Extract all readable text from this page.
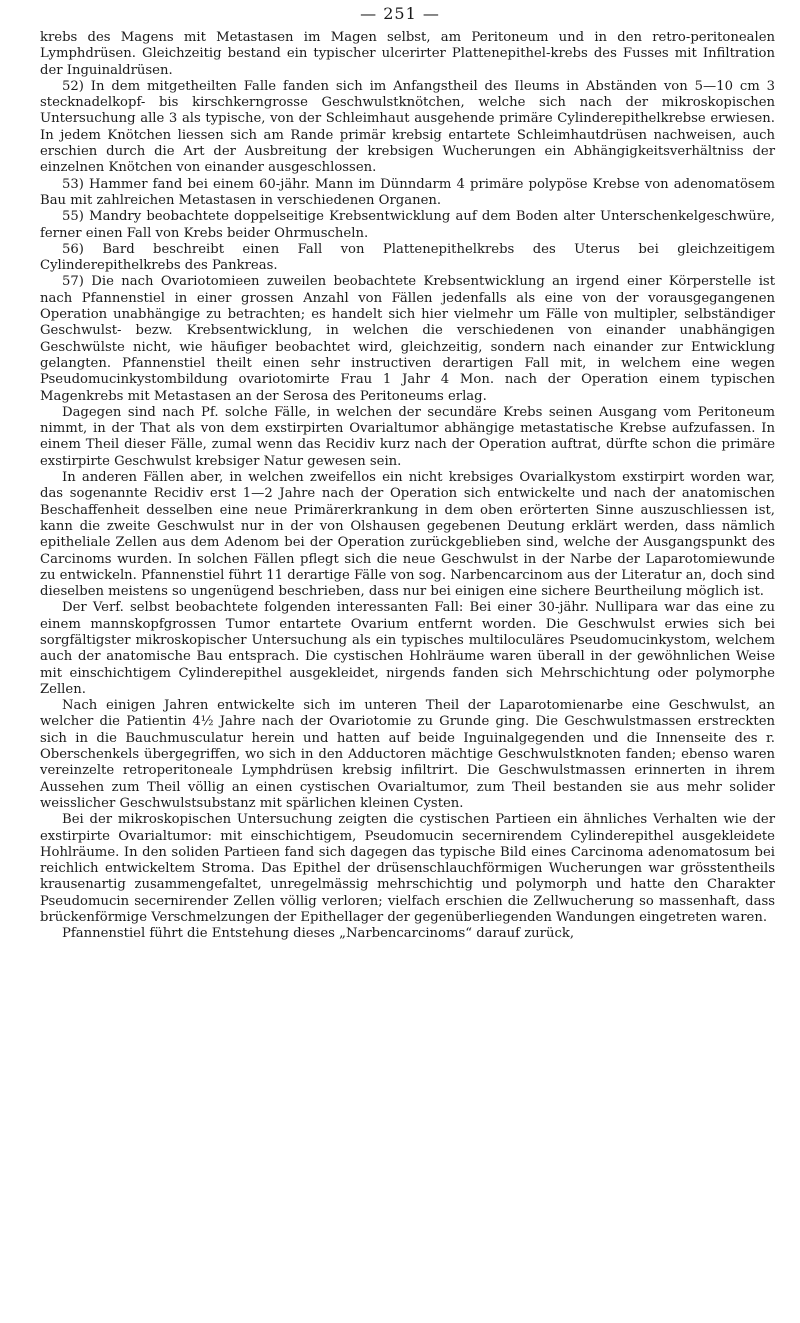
— 251 —

krebs des Magens mit Metastasen im Magen selbst, am Peritoneum und in den retro-peritonealen Lymphdrüsen. Gleichzeitig bestand ein typischer ulcerirter Plattenepithel-krebs des Fusses mit Infiltration der Inguinaldrüsen.

52) In dem mitgetheilten Falle fanden sich im Anfangstheil des Ileums in Abständen von 5—10 cm 3 stecknadelkopf- bis kirschkerngrosse Geschwulstknötchen, welche sich nach der mikroskopischen Untersuchung alle 3 als typische, von der Schleimhaut ausgehende primäre Cylinderepithelkrebse erwiesen. In jedem Knötchen liessen sich am Rande primär krebsig entartete Schleimhautdrüsen nachweisen, auch erschien durch die Art der Ausbreitung der krebsigen Wucherungen ein Abhängigkeitsverhältniss der einzelnen Knötchen von einander ausgeschlossen.

53) Hammer fand bei einem 60-jähr. Mann im Dünndarm 4 primäre polypöse Krebse von adenomatösem Bau mit zahlreichen Metastasen in verschiedenen Organen.

55) Mandry beobachtete doppelseitige Krebsentwicklung auf dem Boden alter Unterschenkelgeschwüre, ferner einen Fall von Krebs beider Ohrmuscheln.

56) Bard beschreibt einen Fall von Plattenepithelkrebs des Uterus bei gleichzeitigem Cylinderepithelkrebs des Pankreas.

57) Die nach Ovariotomieen zuweilen beobachtete Krebsentwicklung an irgend einer Körperstelle ist nach Pfannenstiel in einer grossen Anzahl von Fällen jedenfalls als eine von der vorausgegangenen Operation unabhängige zu betrachten; es handelt sich hier vielmehr um Fälle von multipler, selbständiger Geschwulst- bezw. Krebsentwicklung, in welchen die verschiedenen von einander unabhängigen Geschwülste nicht, wie häufiger beobachtet wird, gleichzeitig, sondern nach einander zur Entwicklung gelangten. Pfannenstiel theilt einen sehr instructiven derartigen Fall mit, in welchem eine wegen Pseudomucinkystombildung ovariotomirte Frau 1 Jahr 4 Mon. nach der Operation einem typischen Magenkrebs mit Metastasen an der Serosa des Peritoneums erlag.

Dagegen sind nach Pf. solche Fälle, in welchen der secundäre Krebs seinen Ausgang vom Peritoneum nimmt, in der That als von dem exstirpirten Ovarialtumor abhängige metastatische Krebse aufzufassen. In einem Theil dieser Fälle, zumal wenn das Recidiv kurz nach der Operation auftrat, dürfte schon die primäre exstirpirte Geschwulst krebsiger Natur gewesen sein.

In anderen Fällen aber, in welchen zweifellos ein nicht krebsiges Ovarialkystom exstirpirt worden war, das sogenannte Recidiv erst 1—2 Jahre nach der Operation sich entwickelte und nach der anatomischen Beschaffenheit desselben eine neue Primärerkrankung in dem oben erörterten Sinne auszuschliessen ist, kann die zweite Geschwulst nur in der von Olshausen gegebenen Deutung erklärt werden, dass nämlich epitheliale Zellen aus dem Adenom bei der Operation zurückgeblieben sind, welche der Ausgangspunkt des Carcinoms wurden. In solchen Fällen pflegt sich die neue Geschwulst in der Narbe der Laparotomiewunde zu entwickeln. Pfannenstiel führt 11 derartige Fälle von sog. Narbencarcinom aus der Literatur an, doch sind dieselben meistens so ungenügend beschrieben, dass nur bei einigen eine sichere Beurtheilung möglich ist.

Der Verf. selbst beobachtete folgenden interessanten Fall: Bei einer 30-jähr. Nullipara war das eine zu einem mannskopfgrossen Tumor entartete Ovarium entfernt worden. Die Geschwulst erwies sich bei sorgfältigster mikroskopischer Untersuchung als ein typisches multiloculäres Pseudomucinkystom, welchem auch der anatomische Bau entsprach. Die cystischen Hohlräume waren überall in der gewöhnlichen Weise mit einschichtigem Cylinderepithel ausgekleidet, nirgends fanden sich Mehrschichtung oder polymorphe Zellen.

Nach einigen Jahren entwickelte sich im unteren Theil der Laparotomienarbe eine Geschwulst, an welcher die Patientin 4½ Jahre nach der Ovariotomie zu Grunde ging. Die Geschwulstmassen erstreckten sich in die Bauchmusculatur herein und hatten auf beide Inguinalgegenden und die Innenseite des r. Oberschenkels übergegriffen, wo sich in den Adductoren mächtige Geschwulstknoten fanden; ebenso waren vereinzelte retroperitoneale Lymphdrüsen krebsig infiltrirt. Die Geschwulstmassen erinnerten in ihrem Aussehen zum Theil völlig an einen cystischen Ovarialtumor, zum Theil bestanden sie aus mehr solider weisslicher Geschwulstsubstanz mit spärlichen kleinen Cysten.

Bei der mikroskopischen Untersuchung zeigten die cystischen Partieen ein ähnliches Verhalten wie der exstirpirte Ovarialtumor: mit einschichtigem, Pseudomucin secernirendem Cylinderepithel ausgekleidete Hohlräume. In den soliden Partieen fand sich dagegen das typische Bild eines Carcinoma adenomatosum bei reichlich entwickeltem Stroma. Das Epithel der drüsenschlauchförmigen Wucherungen war grösstentheils krausenartig zusammengefaltet, unregelmässig mehrschichtig und polymorph und hatte den Charakter Pseudomucin secernirender Zellen völlig verloren; vielfach erschien die Zellwucherung so massenhaft, dass brückenförmige Verschmelzungen der Epithellager der gegenüberliegenden Wandungen eingetreten waren.

Pfannenstiel führt die Entstehung dieses „Narbencarcinoms“ darauf zurück,
